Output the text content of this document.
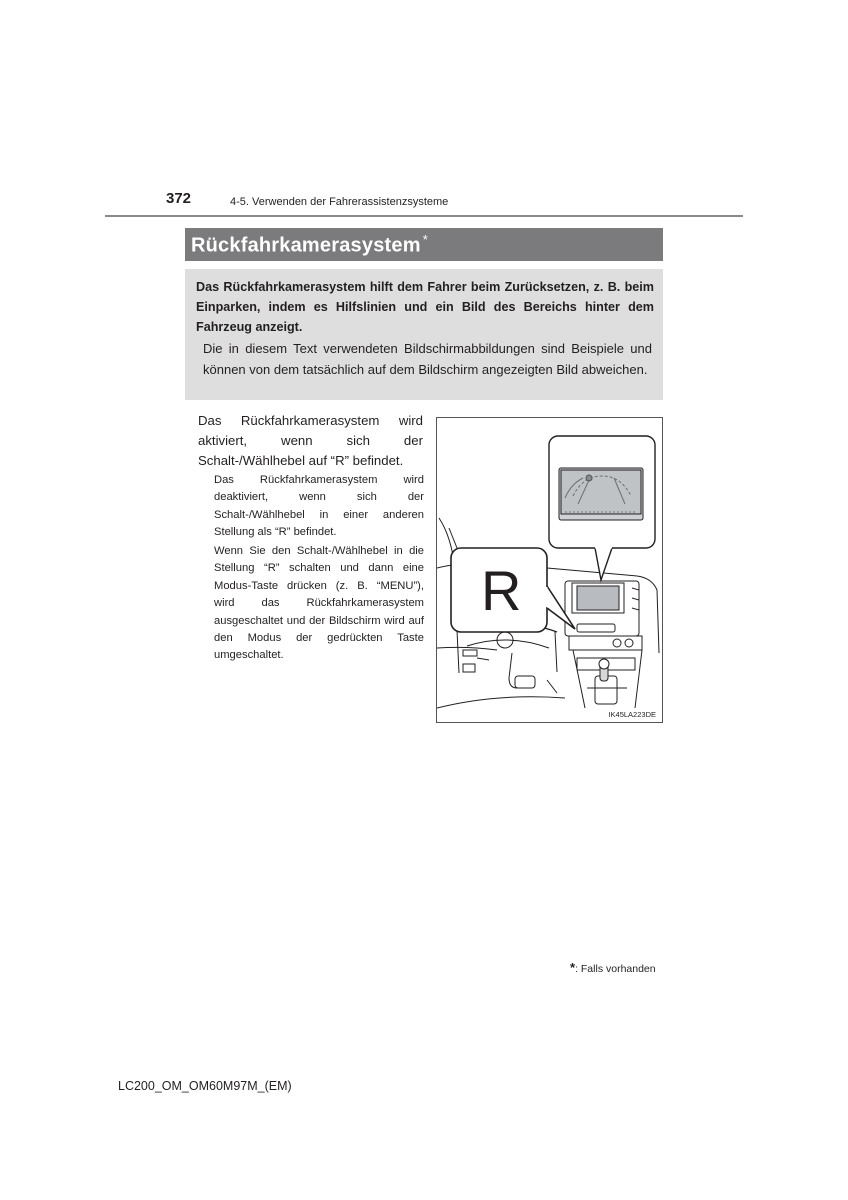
372	4-5. Verwenden der Fahrerassistenzsysteme
Rückfahrkamerasystem *
Das Rückfahrkamerasystem hilft dem Fahrer beim Zurücksetzen, z. B. beim Einparken, indem es Hilfslinien und ein Bild des Bereichs hinter dem Fahrzeug anzeigt.
Die in diesem Text verwendeten Bildschirmabbildungen sind Beispiele und können von dem tatsächlich auf dem Bildschirm angezeigten Bild abweichen.
Das Rückfahrkamerasystem wird aktiviert, wenn sich der Schalt-/Wählhebel auf “R” befindet.
Das Rückfahrkamerasystem wird deaktiviert, wenn sich der Schalt-/Wählhebel in einer anderen Stellung als “R” befindet.
Wenn Sie den Schalt-/Wählhebel in die Stellung “R” schalten und dann eine Modus-Taste drücken (z. B. “MENU”), wird das Rückfahrkamerasystem ausgeschaltet und der Bildschirm wird auf den Modus der gedrückten Taste umgeschaltet.
R
IK45LA223DE
*: Falls vorhanden
LC200_OM_OM60M97M_(EM)
